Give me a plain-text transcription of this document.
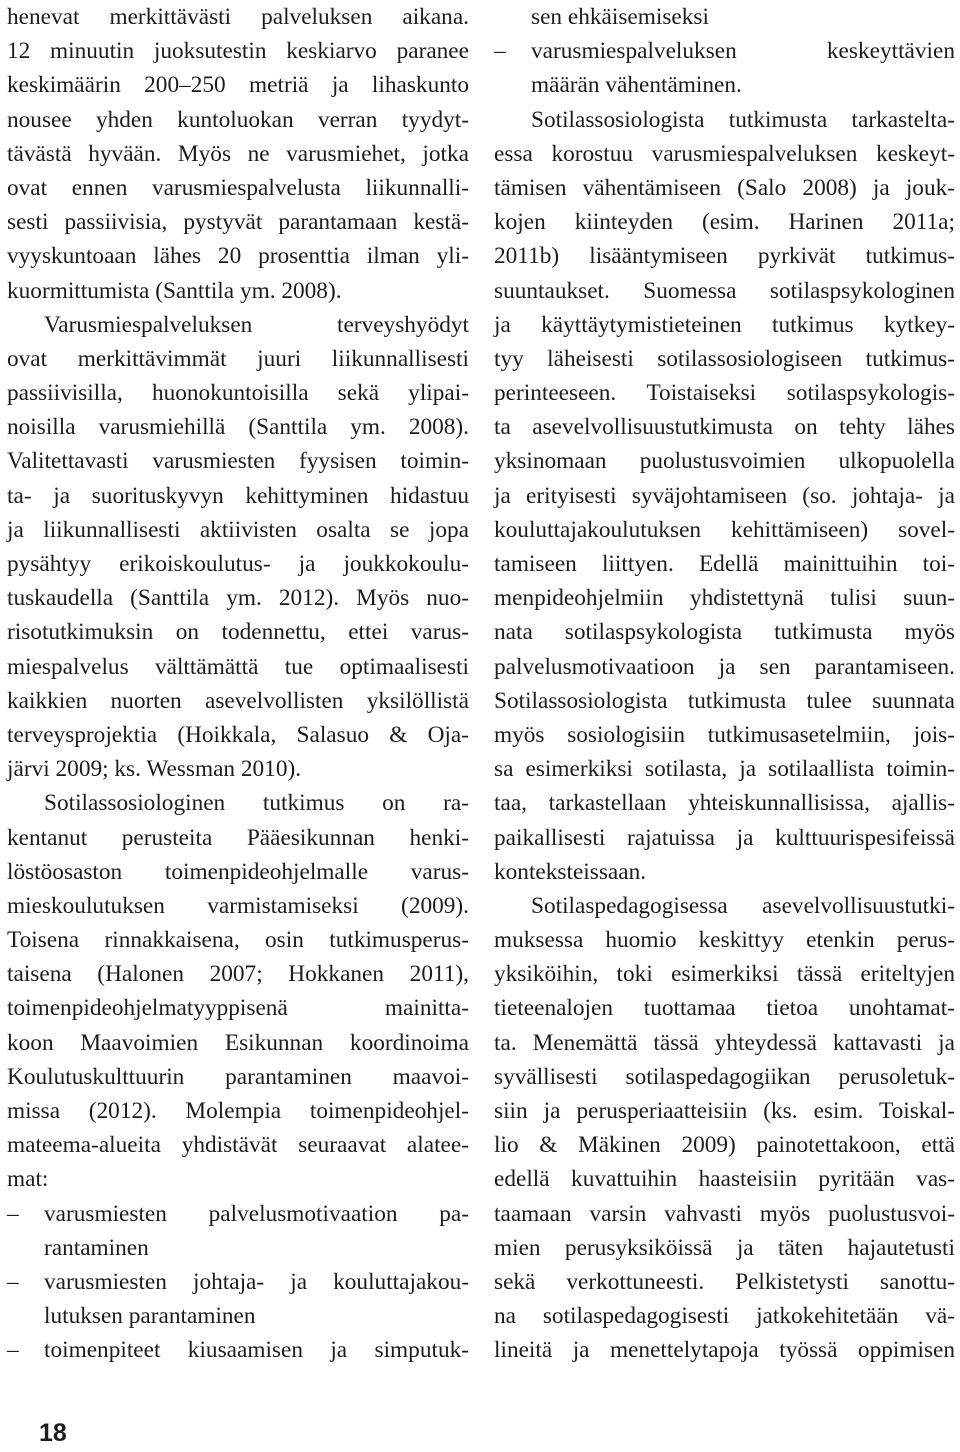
henevat merkittävästi palveluksen aikana.
12 minuutin juoksutestin keskiarvo paranee
keskimäärin 200–250 metriä ja lihaskunto
nousee yhden kuntoluokan verran tyydyt-
tävästä hyvään. Myös ne varusmiehet, jotka
ovat ennen varusmiespalvelusta liikunnalli-
sesti passiivisia, pystyvät parantamaan kestä-
vyyskuntoaan lähes 20 prosenttia ilman yli-
kuormittumista (Santtila ym. 2008).
Varusmiespalveluksen terveyshyödyt
ovat merkittävimmät juuri liikunnallisesti
passiivisilla, huonokuntoisilla sekä ylipai-
noisilla varusmiehillä (Santtila ym. 2008).
Valitettavasti varusmiesten fyysisen toimin-
ta- ja suorituskyvyn kehittyminen hidastuu
ja liikunnallisesti aktiivisten osalta se jopa
pysähtyy erikoiskoulutus- ja joukkokoulu-
tuskaudella (Santtila ym. 2012). Myös nuo-
risotutkimuksin on todennettu, ettei varus-
miespalvelus välttämättä tue optimaalisesti
kaikkien nuorten asevelvollisten yksilöllistä
terveysprojektia (Hoikkala, Salasuo & Oja-
järvi 2009; ks. Wessman 2010).
Sotilassosiologinen tutkimus on ra-
kentanut perusteita Pääesikunnan henki-
löstöosaston toimenpideohjelmalle varus-
mieskoulutuksen varmistamiseksi (2009).
Toisena rinnakkaisena, osin tutkimusperus-
taisena (Halonen 2007; Hokkanen 2011),
toimenpideohjelmatyyppisenä mainitta-
koon Maavoimien Esikunnan koordinoima
Koulutuskulttuurin parantaminen maavoi-
missa (2012). Molempia toimenpideohjel-
mateema-alueita yhdistävät seuraavat alatee-
mat:
– varusmiesten palvelusmotivaation pa-
rantaminen
– varusmiesten johtaja- ja kouluttajakou-
lutuksen parantaminen
– toimenpiteet kiusaamisen ja simputuk-
sen ehkäisemiseksi
– varusmiespalveluksen keskeyttävien
määrän vähentäminen.
Sotilassosiologista tutkimusta tarkastelta-
essa korostuu varusmiespalveluksen keskeyt-
tämisen vähentämiseen (Salo 2008) ja jouk-
kojen kiinteyden (esim. Harinen 2011a;
2011b) lisääntymiseen pyrkivät tutkimus-
suuntaukset. Suomessa sotilaspsykologinen
ja käyttäytymistieteinen tutkimus kytkey-
tyy läheisesti sotilassosiologiseen tutkimus-
perinteeseen. Toistaiseksi sotilaspsykologis-
ta asevelvollisuustutkimusta on tehty lähes
yksinomaan puolustusvoimien ulkopuolella
ja erityisesti syväjohtamiseen (so. johtaja- ja
kouluttajakoulutuksen kehittämiseen) sovel-
tamiseen liittyen. Edellä mainittuihin toi-
menpideohjelmiin yhdistettynä tulisi suun-
nata sotilaspsykologista tutkimusta myös
palvelusmotivaatioon ja sen parantamiseen.
Sotilassosiologista tutkimusta tulee suunnata
myös sosiologisiin tutkimusasetelmiin, jois-
sa esimerkiksi sotilasta, ja sotilaallista toimin-
taa, tarkastellaan yhteiskunnallisissa, ajallis-
paikallisesti rajatuissa ja kulttuurispesifeissä
konteksteissaan.
Sotilaspedagogisessa asevelvollisuustutki-
muksessa huomio keskittyy etenkin perus-
yksiköihin, toki esimerkiksi tässä eriteltyjen
tieteenalojen tuottamaa tietoa unohtamat-
ta. Menemättä tässä yhteydessä kattavasti ja
syvällisesti sotilaspedagogiikan perusoletuk-
siin ja perusperiaatteisiin (ks. esim. Toiskal-
lio & Mäkinen 2009) painotettakoon, että
edellä kuvattuihin haasteisiin pyritään vas-
taamaan varsin vahvasti myös puolustusvoi-
mien perusyksiköissä ja täten hajautetusti
sekä verkottuneesti. Pelkistetysti sanottu-
na sotilaspedagogisesti jatkokehitetään vä-
lineitä ja menettelytapoja työssä oppimisen
18
